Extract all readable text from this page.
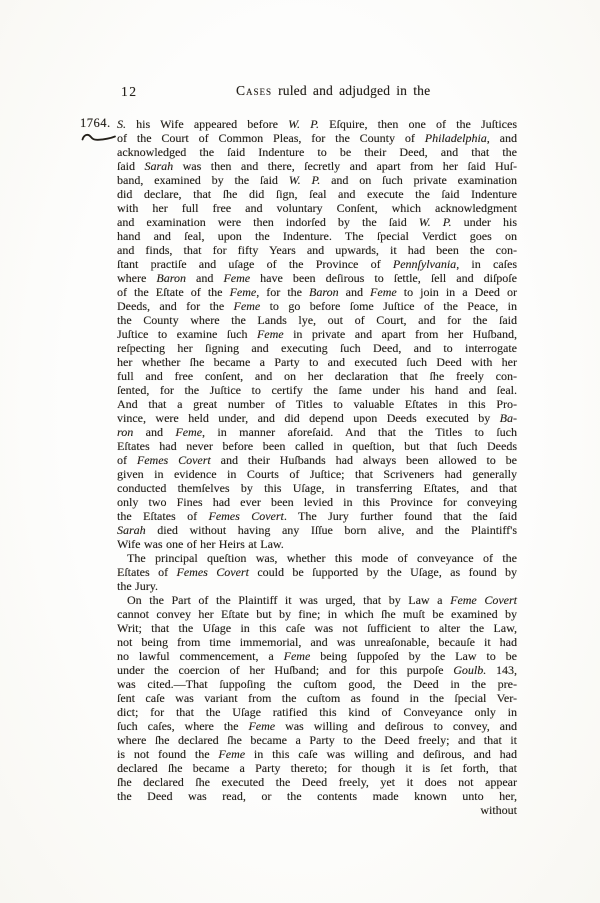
12	Cases ruled and adjudged in the
1764. S. his Wife appeared before W. P. Eſquire, then one of the Juſtices
of the Court of Common Pleas, for the County of Philadelphia, and
acknowledged the ſaid Indenture to be their Deed, and that the
ſaid Sarah was then and there, ſecretly and apart from her ſaid Huſ-
band, examined by the ſaid W. P. and on ſuch private examination
did declare, that ſhe did ſign, ſeal and execute the ſaid Indenture
with her full free and voluntary Conſent, which acknowledgment
and examination were then indorſed by the ſaid W. P. under his
hand and ſeal, upon the Indenture. The ſpecial Verdict goes on
and finds, that for fifty Years and upwards, it had been the con-
ſtant practiſe and uſage of the Province of Pennſylvania, in caſes
where Baron and Feme have been deſirous to ſettle, ſell and diſpoſe
of the Eſtate of the Feme, for the Baron and Feme to join in a Deed or
Deeds, and for the Feme to go before ſome Juſtice of the Peace, in
the County where the Lands lye, out of Court, and for the ſaid
Juſtice to examine ſuch Feme in private and apart from her Huſband,
reſpecting her ſigning and executing ſuch Deed, and to interrogate
her whether ſhe became a Party to and executed ſuch Deed with her
full and free conſent, and on her declaration that ſhe freely con-
ſented, for the Juſtice to certify the ſame under his hand and ſeal.
And that a great number of Titles to valuable Eſtates in this Pro-
vince, were held under, and did depend upon Deeds executed by Ba-
ron and Feme, in manner aforeſaid. And that the Titles to ſuch
Eſtates had never before been called in queſtion, but that ſuch Deeds
of Femes Covert and their Huſbands had always been allowed to be
given in evidence in Courts of Juſtice; that Scriveners had generally
conducted themſelves by this Uſage, in transferring Eſtates, and that
only two Fines had ever been levied in this Province for conveying
the Eſtates of Femes Covert. The Jury further found that the ſaid
Sarah died without having any Iſſue born alive, and the Plaintiff's
Wife was one of her Heirs at Law.
The principal queſtion was, whether this mode of conveyance of the
Eſtates of Femes Covert could be ſupported by the Uſage, as found by
the Jury.
On the Part of the Plaintiff it was urged, that by Law a Feme Covert
cannot convey her Eſtate but by fine; in which ſhe muſt be examined by
Writ; that the Uſage in this caſe was not ſufficient to alter the Law,
not being from time immemorial, and was unreaſonable, becauſe it had
no lawful commencement, a Feme being ſuppoſed by the Law to be
under the coercion of her Huſband; and for this purpoſe Goulb. 143,
was cited.—That ſuppoſing the cuſtom good, the Deed in the pre-
ſent caſe was variant from the cuſtom as found in the ſpecial Ver-
dict; for that the Uſage ratified this kind of Conveyance only in
ſuch caſes, where the Feme was willing and deſirous to convey, and
where ſhe declared ſhe became a Party to the Deed freely; and that it
is not found the Feme in this caſe was willing and deſirous, and had
declared ſhe became a Party thereto; for though it is ſet forth, that
ſhe declared ſhe executed the Deed freely, yet it does not appear
the Deed was read, or the contents made known unto her,
without
